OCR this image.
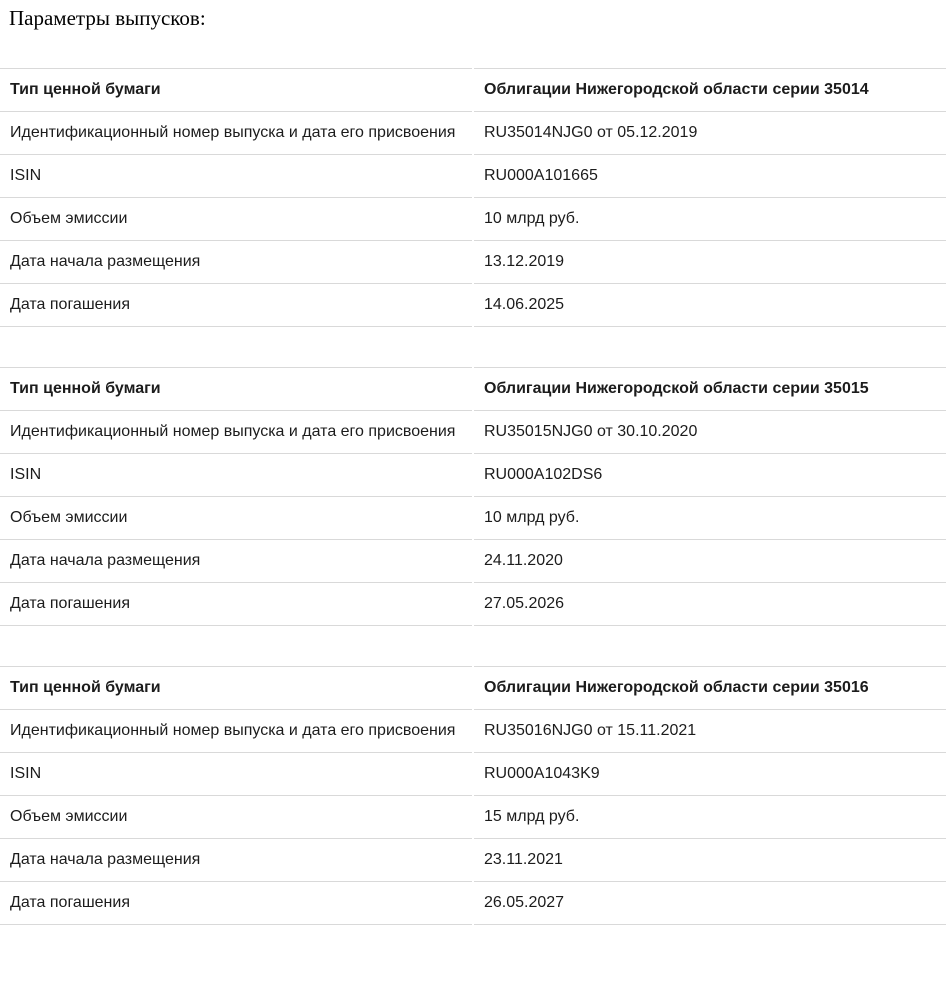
Параметры выпусков:
Тип ценной бумаги	Облигации Нижегородской области серии 35014
Идентификационный номер выпуска и дата его присвоения	RU35014NJG0 от 05.12.2019
ISIN	RU000A101665
Объем эмиссии	10 млрд руб.
Дата начала размещения	13.12.2019
Дата погашения	14.06.2025
Тип ценной бумаги	Облигации Нижегородской области серии 35015
Идентификационный номер выпуска и дата его присвоения	RU35015NJG0 от 30.10.2020
ISIN	RU000A102DS6
Объем эмиссии	10 млрд руб.
Дата начала размещения	24.11.2020
Дата погашения	27.05.2026
Тип ценной бумаги	Облигации Нижегородской области серии 35016
Идентификационный номер выпуска и дата его присвоения	RU35016NJG0 от 15.11.2021
ISIN	RU000A1043K9
Объем эмиссии	15 млрд руб.
Дата начала размещения	23.11.2021
Дата погашения	26.05.2027
